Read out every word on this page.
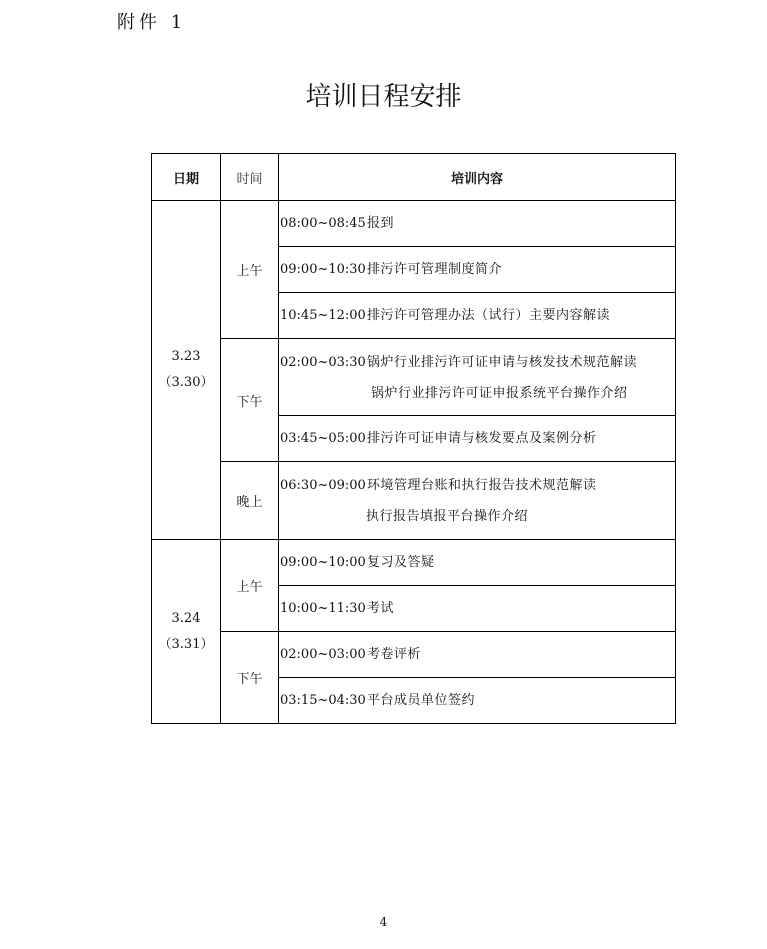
附件 1
培训日程安排
日期	时间	培训内容

3.23
（3.30）	上午	08:00~08:45 报到

		09:00~10:30 排污许可管理制度简介

		10:45~12:00 排污许可管理办法（试行）主要内容解读

	下午	02:00~03:30 锅炉行业排污许可证申请与核发技术规范解读
锅炉行业排污许可证申报系统平台操作介绍

		03:45~05:00 排污许可证申请与核发要点及案例分析

	晚上	06:30~09:00 环境管理台账和执行报告技术规范解读
执行报告填报平台操作介绍

3.24
（3.31）	上午	09:00~10:00 复习及答疑

		10:00~11:30 考试

	下午	02:00~03:00 考卷评析

		03:15~04:30 平台成员单位签约
4
